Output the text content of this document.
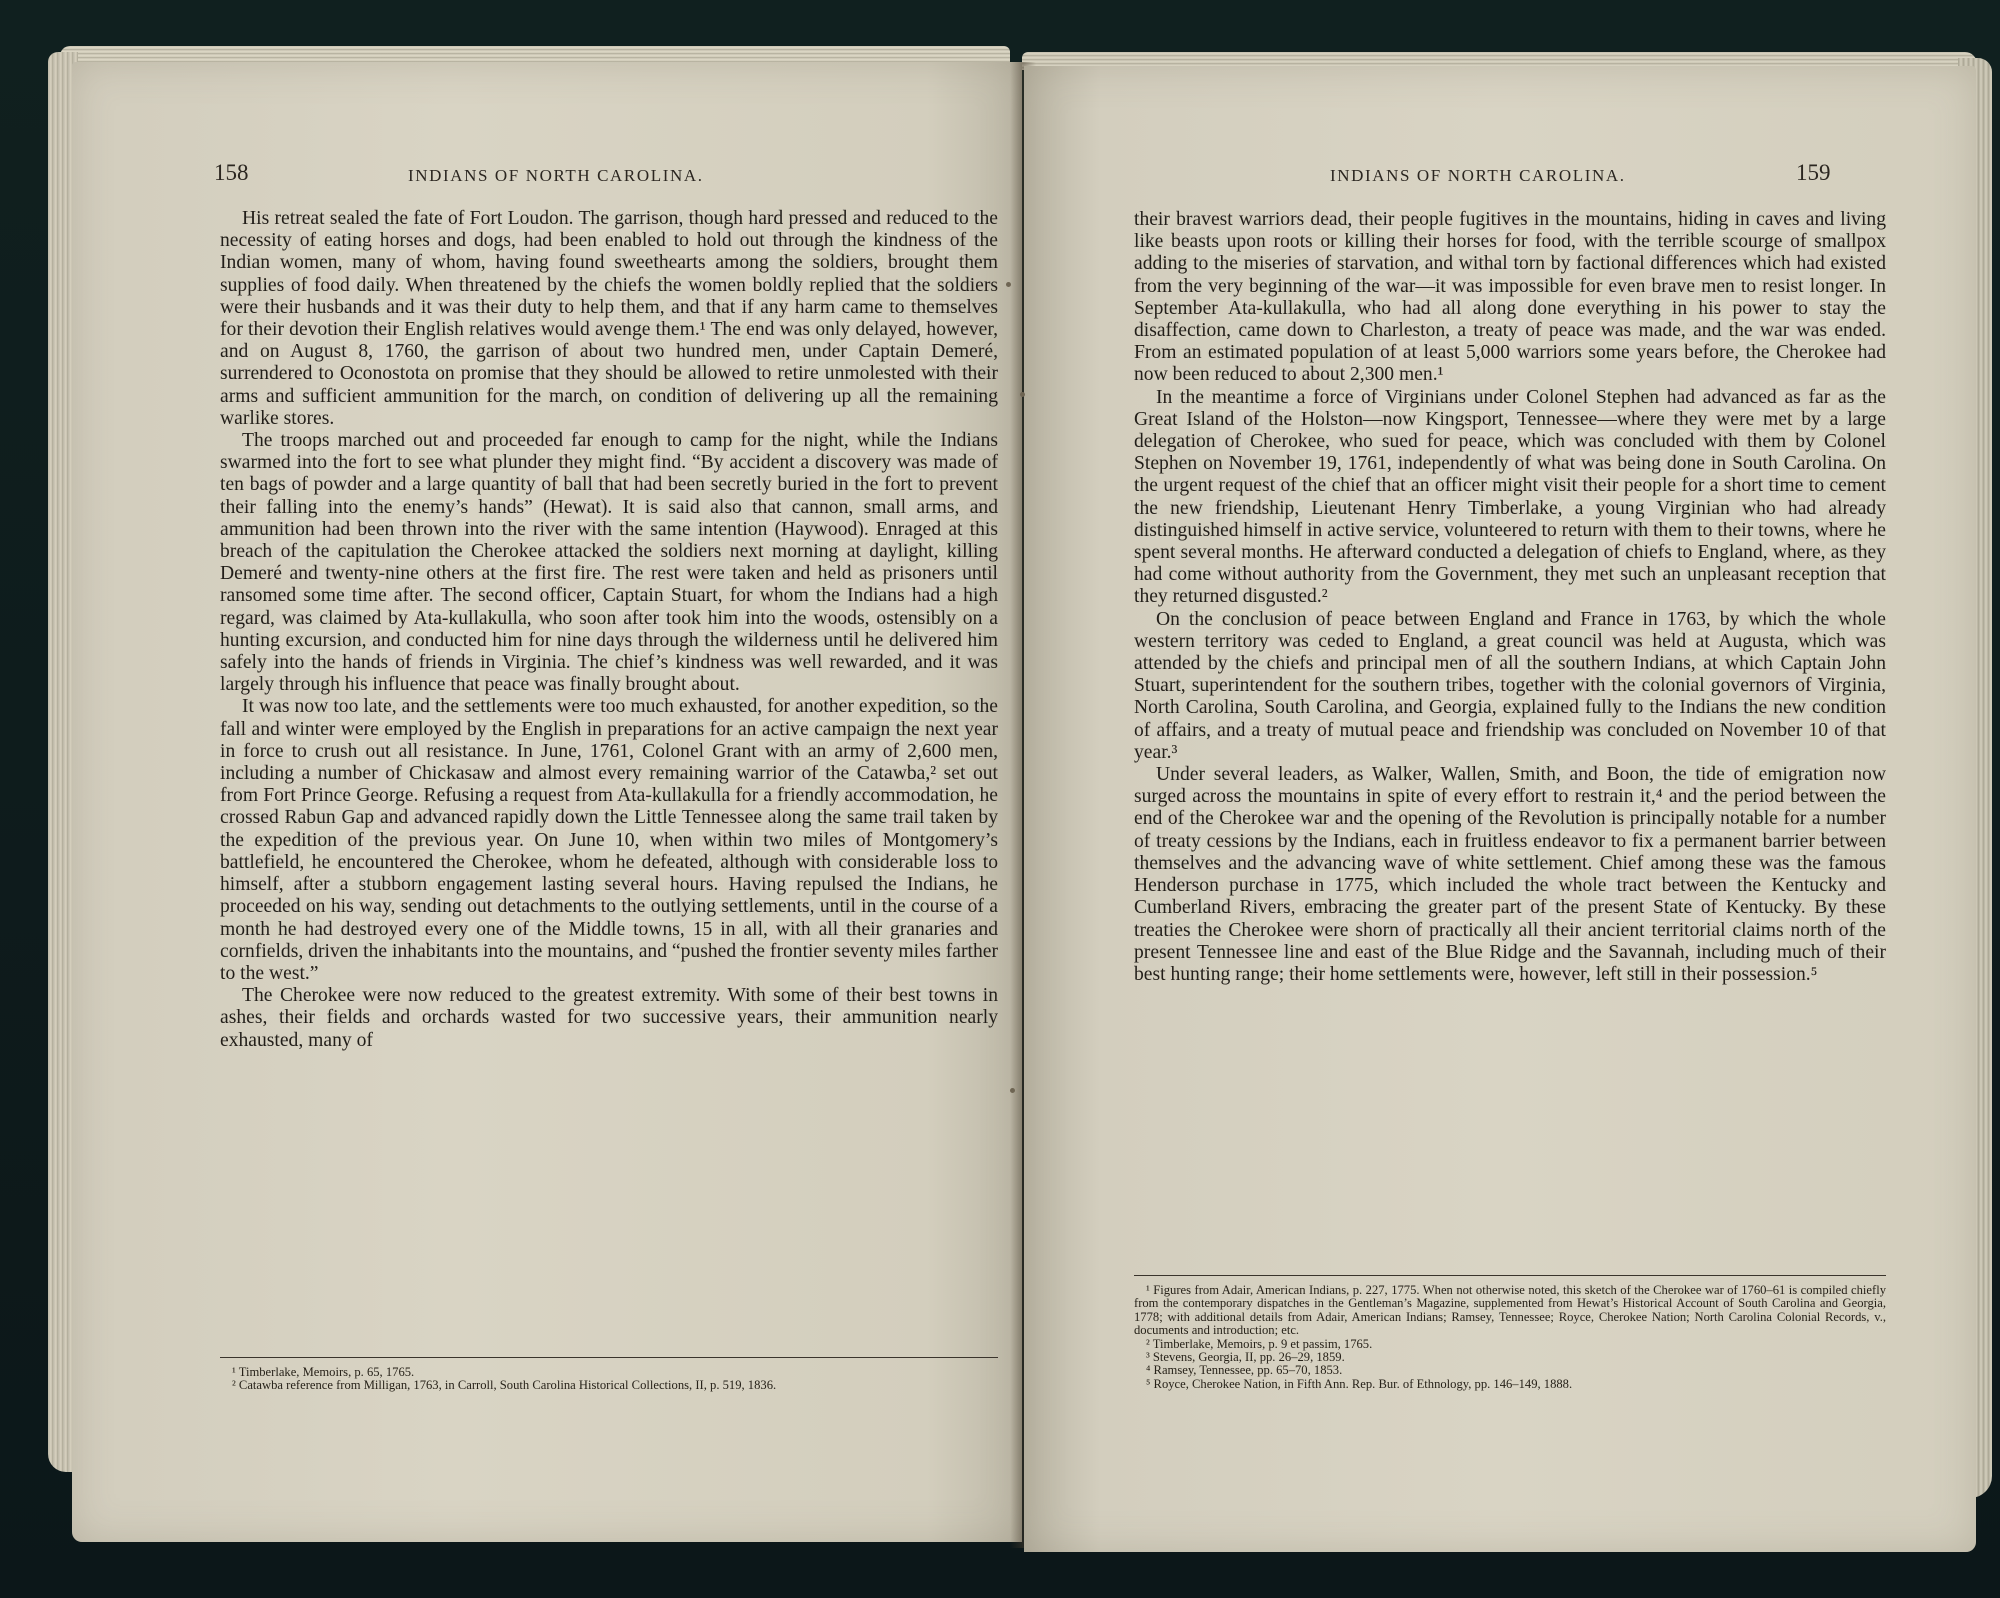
158	INDIANS OF NORTH CAROLINA.

His retreat sealed the fate of Fort Loudon. The garrison, though hard pressed and reduced to the necessity of eating horses and dogs, had been enabled to hold out through the kindness of the Indian women, many of whom, having found sweethearts among the soldiers, brought them supplies of food daily. When threatened by the chiefs the women boldly replied that the soldiers were their husbands and it was their duty to help them, and that if any harm came to themselves for their devotion their English relatives would avenge them.¹ The end was only delayed, however, and on August 8, 1760, the garrison of about two hundred men, under Captain Demeré, surrendered to Oconostota on promise that they should be allowed to retire unmolested with their arms and sufficient ammunition for the march, on condition of delivering up all the remaining warlike stores.

The troops marched out and proceeded far enough to camp for the night, while the Indians swarmed into the fort to see what plunder they might find. “By accident a discovery was made of ten bags of powder and a large quantity of ball that had been secretly buried in the fort to prevent their falling into the enemy’s hands” (Hewat). It is said also that cannon, small arms, and ammunition had been thrown into the river with the same intention (Haywood). Enraged at this breach of the capitulation the Cherokee attacked the soldiers next morning at daylight, killing Demeré and twenty-nine others at the first fire. The rest were taken and held as prisoners until ransomed some time after. The second officer, Captain Stuart, for whom the Indians had a high regard, was claimed by Ata-kullakulla, who soon after took him into the woods, ostensibly on a hunting excursion, and conducted him for nine days through the wilderness until he delivered him safely into the hands of friends in Virginia. The chief’s kindness was well rewarded, and it was largely through his influence that peace was finally brought about.

It was now too late, and the settlements were too much exhausted, for another expedition, so the fall and winter were employed by the English in preparations for an active campaign the next year in force to crush out all resistance. In June, 1761, Colonel Grant with an army of 2,600 men, including a number of Chickasaw and almost every remaining warrior of the Catawba,² set out from Fort Prince George. Refusing a request from Ata-kullakulla for a friendly accommodation, he crossed Rabun Gap and advanced rapidly down the Little Tennessee along the same trail taken by the expedition of the previous year. On June 10, when within two miles of Montgomery’s battlefield, he encountered the Cherokee, whom he defeated, although with considerable loss to himself, after a stubborn engagement lasting several hours. Having repulsed the Indians, he proceeded on his way, sending out detachments to the outlying settlements, until in the course of a month he had destroyed every one of the Middle towns, 15 in all, with all their granaries and cornfields, driven the inhabitants into the mountains, and “pushed the frontier seventy miles farther to the west.”

The Cherokee were now reduced to the greatest extremity. With some of their best towns in ashes, their fields and orchards wasted for two successive years, their ammunition nearly exhausted, many of

¹ Timberlake, Memoirs, p. 65, 1765.

² Catawba reference from Milligan, 1763, in Carroll, South Carolina Historical Collections, II, p. 519, 1836.

INDIANS OF NORTH CAROLINA.	159

their bravest warriors dead, their people fugitives in the mountains, hiding in caves and living like beasts upon roots or killing their horses for food, with the terrible scourge of smallpox adding to the miseries of starvation, and withal torn by factional differences which had existed from the very beginning of the war—it was impossible for even brave men to resist longer. In September Ata-kullakulla, who had all along done everything in his power to stay the disaffection, came down to Charleston, a treaty of peace was made, and the war was ended. From an estimated population of at least 5,000 warriors some years before, the Cherokee had now been reduced to about 2,300 men.¹

In the meantime a force of Virginians under Colonel Stephen had advanced as far as the Great Island of the Holston—now Kingsport, Tennessee—where they were met by a large delegation of Cherokee, who sued for peace, which was concluded with them by Colonel Stephen on November 19, 1761, independently of what was being done in South Carolina. On the urgent request of the chief that an officer might visit their people for a short time to cement the new friendship, Lieutenant Henry Timberlake, a young Virginian who had already distinguished himself in active service, volunteered to return with them to their towns, where he spent several months. He afterward conducted a delegation of chiefs to England, where, as they had come without authority from the Government, they met such an unpleasant reception that they returned disgusted.²

On the conclusion of peace between England and France in 1763, by which the whole western territory was ceded to England, a great council was held at Augusta, which was attended by the chiefs and principal men of all the southern Indians, at which Captain John Stuart, superintendent for the southern tribes, together with the colonial governors of Virginia, North Carolina, South Carolina, and Georgia, explained fully to the Indians the new condition of affairs, and a treaty of mutual peace and friendship was concluded on November 10 of that year.³

Under several leaders, as Walker, Wallen, Smith, and Boon, the tide of emigration now surged across the mountains in spite of every effort to restrain it,⁴ and the period between the end of the Cherokee war and the opening of the Revolution is principally notable for a number of treaty cessions by the Indians, each in fruitless endeavor to fix a permanent barrier between themselves and the advancing wave of white settlement. Chief among these was the famous Henderson purchase in 1775, which included the whole tract between the Kentucky and Cumberland Rivers, embracing the greater part of the present State of Kentucky. By these treaties the Cherokee were shorn of practically all their ancient territorial claims north of the present Tennessee line and east of the Blue Ridge and the Savannah, including much of their best hunting range; their home settlements were, however, left still in their possession.⁵

¹ Figures from Adair, American Indians, p. 227, 1775. When not otherwise noted, this sketch of the Cherokee war of 1760–61 is compiled chiefly from the contemporary dispatches in the Gentleman’s Magazine, supplemented from Hewat’s Historical Account of South Carolina and Georgia, 1778; with additional details from Adair, American Indians; Ramsey, Tennessee; Royce, Cherokee Nation; North Carolina Colonial Records, v., documents and introduction; etc.

² Timberlake, Memoirs, p. 9 et passim, 1765.

³ Stevens, Georgia, II, pp. 26–29, 1859.

⁴ Ramsey, Tennessee, pp. 65–70, 1853.

⁵ Royce, Cherokee Nation, in Fifth Ann. Rep. Bur. of Ethnology, pp. 146–149, 1888.
